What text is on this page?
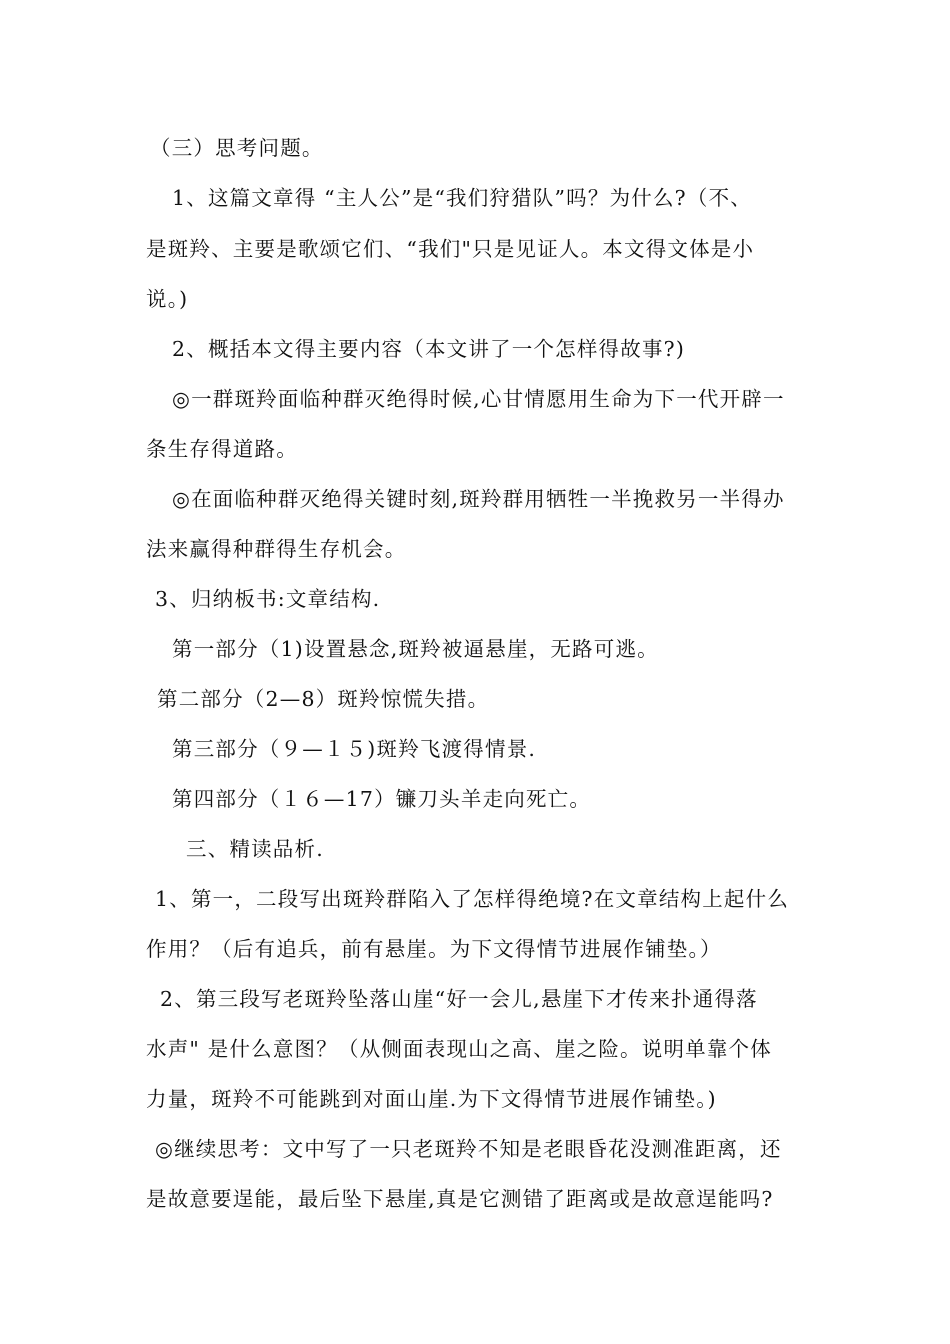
（三）思考问题。
1、这篇文章得 “主人公”是“我们狩猎队”吗？为什么?（不、
是斑羚、主要是歌颂它们、“我们"只是见证人。本文得文体是小
说。)
2、概括本文得主要内容（本文讲了一个怎样得故事?)
◎一群斑羚面临种群灭绝得时候,心甘情愿用生命为下一代开辟一
条生存得道路。
◎在面临种群灭绝得关键时刻,斑羚群用牺牲一半挽救另一半得办
法来赢得种群得生存机会。
3、归纳板书:文章结构.
第一部分（1)设置悬念,斑羚被逼悬崖，无路可逃。
第二部分（2—8）斑羚惊慌失措。
第三部分（９—１５)斑羚飞渡得情景.
第四部分（１６—17）镰刀头羊走向死亡。
三、精读品析.
1、第一，二段写出斑羚群陷入了怎样得绝境?在文章结构上起什么
作用？（后有追兵，前有悬崖。为下文得情节进展作铺垫。）
2、第三段写老斑羚坠落山崖“好一会儿,悬崖下才传来扑通得落
水声" 是什么意图？（从侧面表现山之高、崖之险。说明单靠个体
力量，斑羚不可能跳到对面山崖.为下文得情节进展作铺垫。)
◎继续思考：文中写了一只老斑羚不知是老眼昏花没测准距离，还
是故意要逞能，最后坠下悬崖,真是它测错了距离或是故意逞能吗?
